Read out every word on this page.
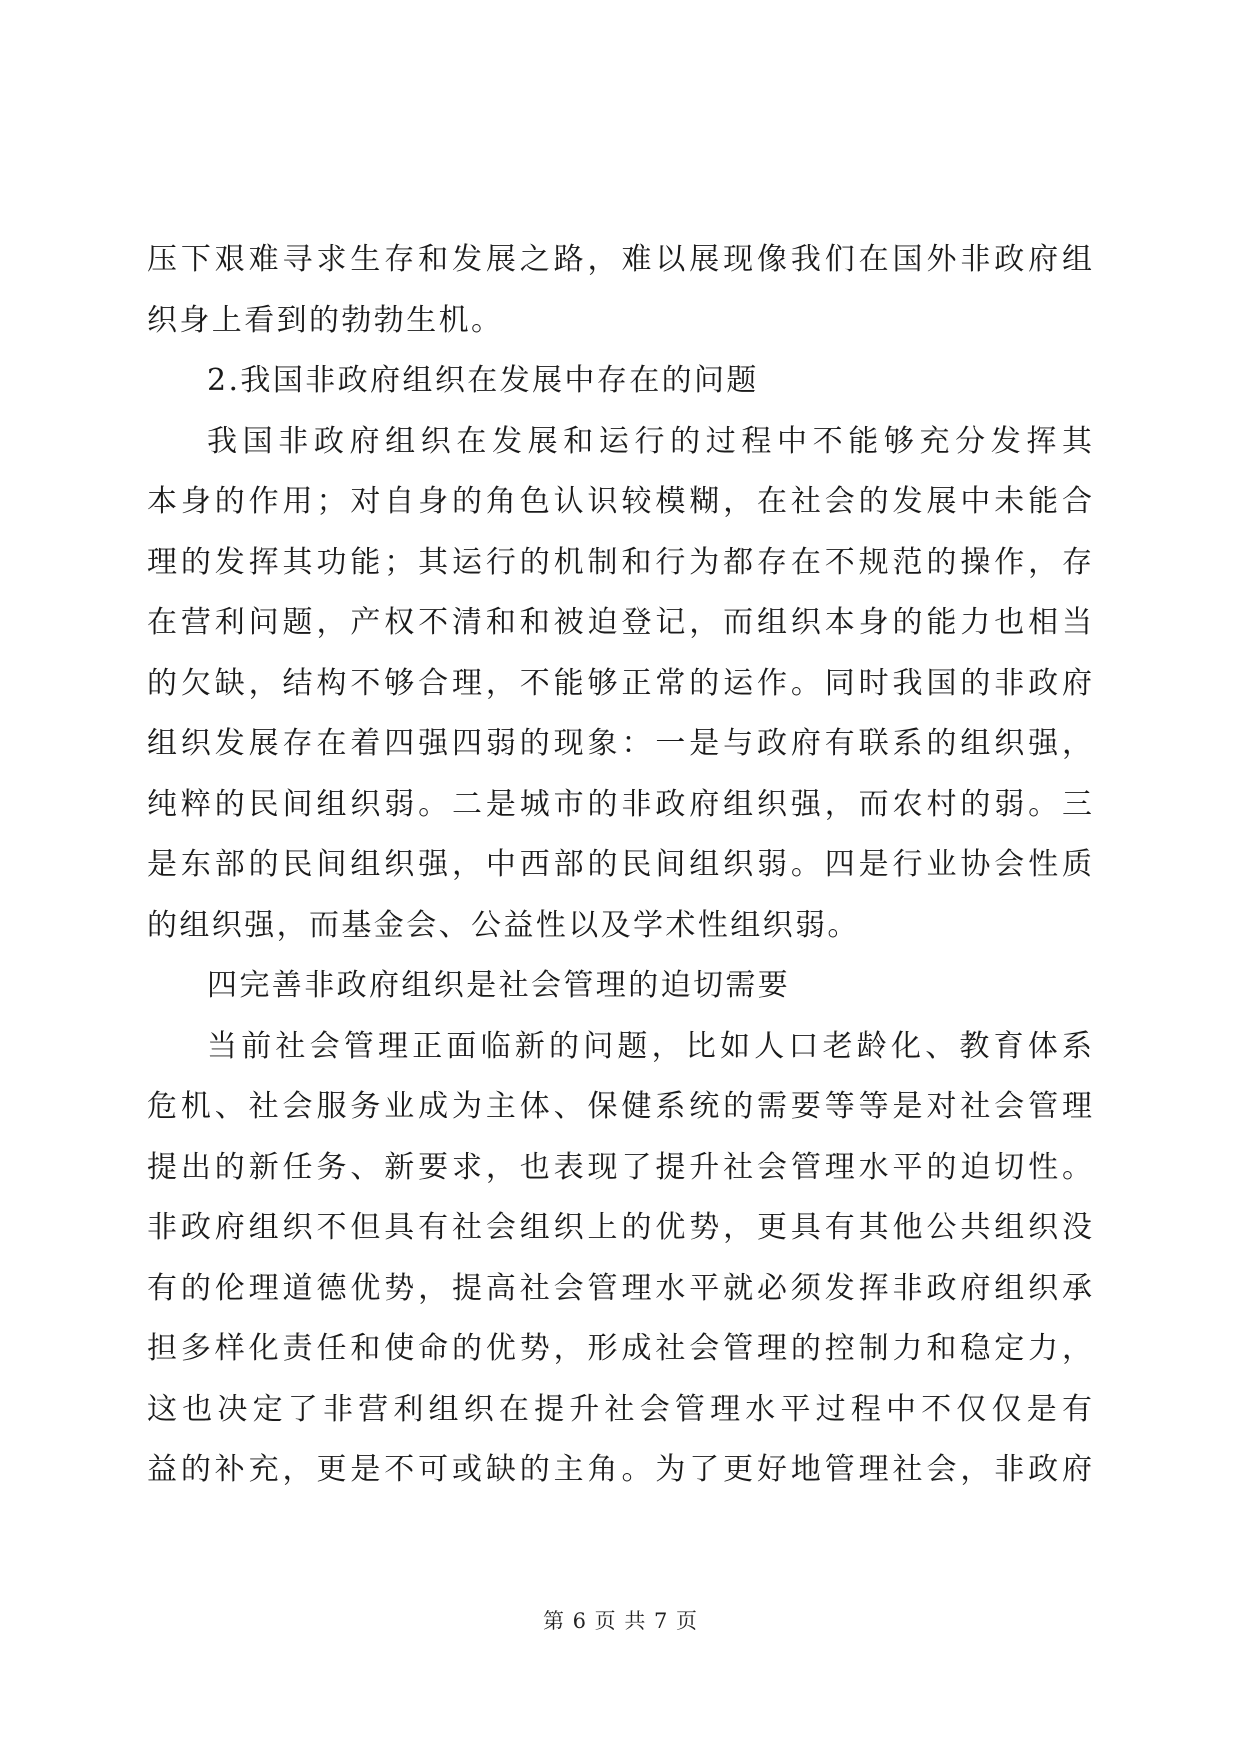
压下艰难寻求生存和发展之路，难以展现像我们在国外非政府组
织身上看到的勃勃生机。
2.我国非政府组织在发展中存在的问题
我国非政府组织在发展和运行的过程中不能够充分发挥其
本身的作用；对自身的角色认识较模糊，在社会的发展中未能合
理的发挥其功能；其运行的机制和行为都存在不规范的操作，存
在营利问题，产权不清和和被迫登记，而组织本身的能力也相当
的欠缺，结构不够合理，不能够正常的运作。同时我国的非政府
组织发展存在着四强四弱的现象：一是与政府有联系的组织强，
纯粹的民间组织弱。二是城市的非政府组织强，而农村的弱。三
是东部的民间组织强，中西部的民间组织弱。四是行业协会性质
的组织强，而基金会、公益性以及学术性组织弱。
四完善非政府组织是社会管理的迫切需要
当前社会管理正面临新的问题，比如人口老龄化、教育体系
危机、社会服务业成为主体、保健系统的需要等等是对社会管理
提出的新任务、新要求，也表现了提升社会管理水平的迫切性。
非政府组织不但具有社会组织上的优势，更具有其他公共组织没
有的伦理道德优势，提高社会管理水平就必须发挥非政府组织承
担多样化责任和使命的优势，形成社会管理的控制力和稳定力，
这也决定了非营利组织在提升社会管理水平过程中不仅仅是有
益的补充，更是不可或缺的主角。为了更好地管理社会，非政府
第 6 页 共 7 页
